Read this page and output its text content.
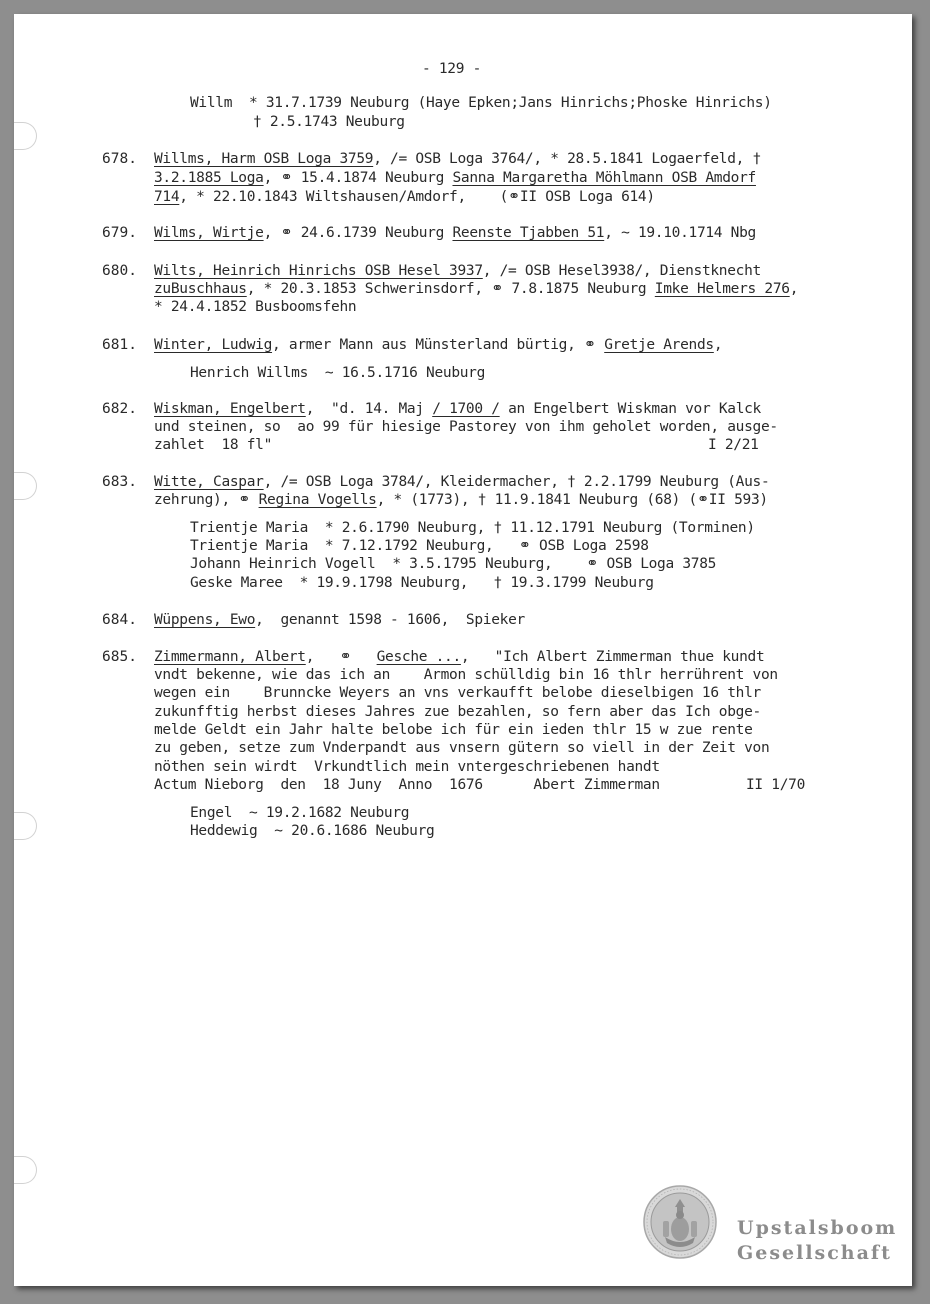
- 129 -
Willm  * 31.7.1739 Neuburg (Haye Epken;Jans Hinrichs;Phoske Hinrichs)
† 2.5.1743 Neuburg
678. Willms, Harm OSB Loga 3759, /= OSB Loga 3764/, * 28.5.1841 Logaerfeld, †
3.2.1885 Loga, ⚭ 15.4.1874 Neuburg Sanna Margaretha Möhlmann OSB Amdorf
714, * 22.10.1843 Wiltshausen/Amdorf,    (⚭II OSB Loga 614)
679. Wilms, Wirtje, ⚭ 24.6.1739 Neuburg Reenste Tjabben 51, ~ 19.10.1714 Nbg
680. Wilts, Heinrich Hinrichs OSB Hesel 3937, /= OSB Hesel3938/, Dienstknecht
zuBuschhaus, * 20.3.1853 Schwerinsdorf, ⚭ 7.8.1875 Neuburg Imke Helmers 276,
* 24.4.1852 Busboomsfehn
681. Winter, Ludwig, armer Mann aus Münsterland bürtig, ⚭ Gretje Arends,
Henrich Willms  ~ 16.5.1716 Neuburg
682. Wiskman, Engelbert,  "d. 14. Maj / 1700 / an Engelbert Wiskman vor Kalck
und steinen, so  ao 99 für hiesige Pastorey von ihm geholet worden, ausge-
zahlet  18 fl"	I 2/21
683. Witte, Caspar, /= OSB Loga 3784/, Kleidermacher, † 2.2.1799 Neuburg (Aus-
zehrung), ⚭ Regina Vogells, * (1773), † 11.9.1841 Neuburg (68) (⚭II 593)
Trientje Maria  * 2.6.1790 Neuburg, † 11.12.1791 Neuburg (Torminen)
Trientje Maria  * 7.12.1792 Neuburg,   ⚭ OSB Loga 2598
Johann Heinrich Vogell  * 3.5.1795 Neuburg,    ⚭ OSB Loga 3785
Geske Maree  * 19.9.1798 Neuburg,   † 19.3.1799 Neuburg
684. Wüppens, Ewo,  genannt 1598 - 1606,  Spieker
685. Zimmermann, Albert,   ⚭   Gesche ...,   "Ich Albert Zimmerman thue kundt
vndt bekenne, wie das ich an    Armon schülldig bin 16 thlr herrührent von
wegen ein    Brunncke Weyers an vns verkaufft belobe dieselbigen 16 thlr
zukunfftig herbst dieses Jahres zue bezahlen, so fern aber das Ich obge-
melde Geldt ein Jahr halte belobe ich für ein ieden thlr 15 w zue rente
zu geben, setze zum Vnderpandt aus vnsern gütern so viell in der Zeit von
nöthen sein wirdt  Vrkundtlich mein vntergeschriebenen handt
Actum Nieborg  den  18 Juny  Anno  1676      Abert Zimmerman	II 1/70
Engel  ~ 19.2.1682 Neuburg
Heddewig  ~ 20.6.1686 Neuburg
Upstalsboom
Gesellschaft
